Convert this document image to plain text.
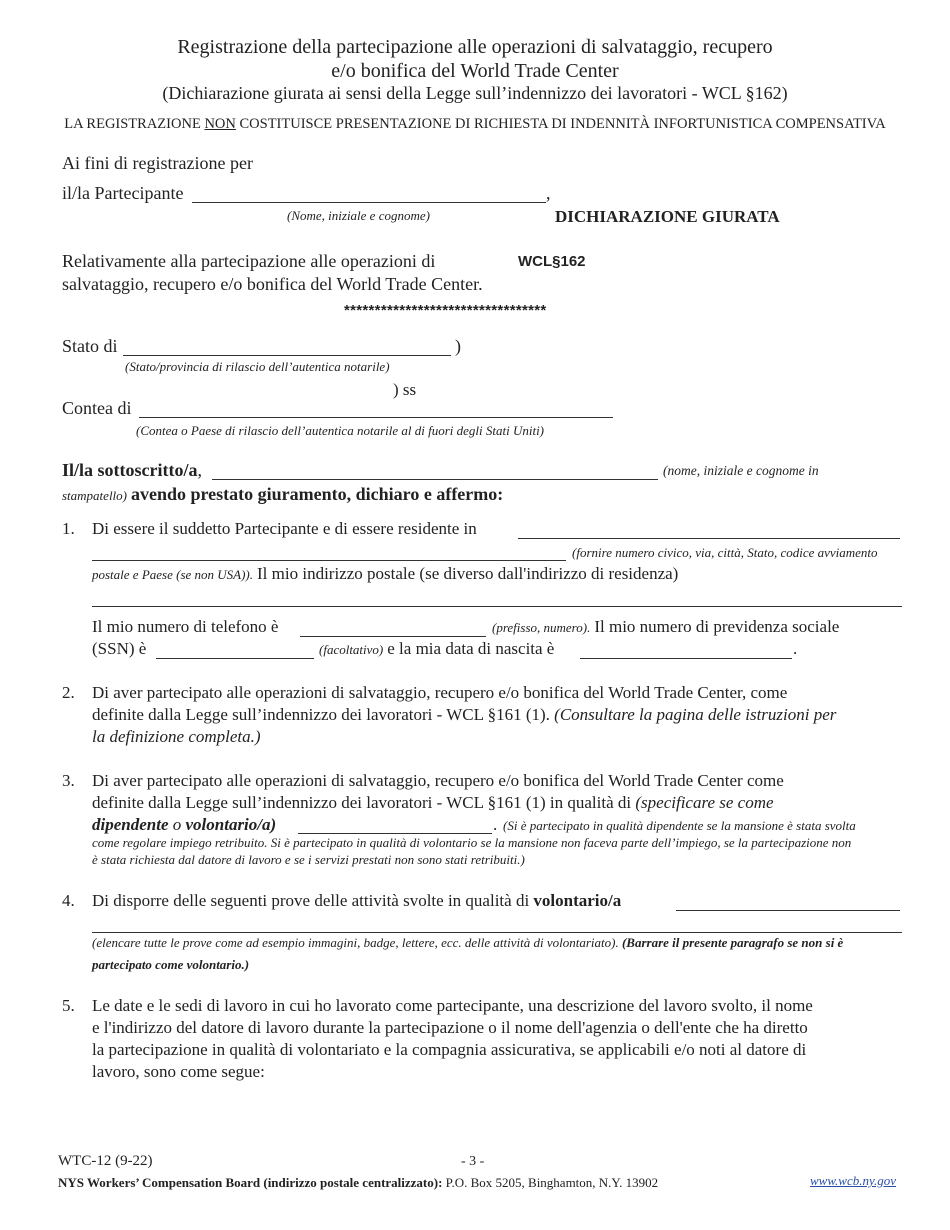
Registrazione della partecipazione alle operazioni di salvataggio, recupero
e/o bonifica del World Trade Center
(Dichiarazione giurata ai sensi della Legge sull’indennizzo dei lavoratori - WCL §162)
LA REGISTRAZIONE NON COSTITUISCE PRESENTAZIONE DI RICHIESTA DI INDENNITÀ INFORTUNISTICA COMPENSATIVA
Ai fini di registrazione per
il/la Partecipante	,
(Nome, iniziale e cognome)	DICHIARAZIONE GIURATA
Relativamente alla partecipazione alle operazioni di	WCL§162
salvataggio, recupero e/o bonifica del World Trade Center.
*********************************
Stato di	)
(Stato/provincia di rilascio dell’autentica notarile)
) ss
Contea di
(Contea o Paese di rilascio dell’autentica notarile al di fuori degli Stati Uniti)
Il/la sottoscritto/a,	(nome, iniziale e cognome in
stampatello) avendo prestato giuramento, dichiaro e affermo:
1. Di essere il suddetto Partecipante e di essere residente in
(fornire numero civico, via, città, Stato, codice avviamento
postale e Paese (se non USA)). Il mio indirizzo postale (se diverso dall'indirizzo di residenza)
Il mio numero di telefono è	(prefisso, numero). Il mio numero di previdenza sociale
(SSN) è	(facoltativo) e la mia data di nascita è	.
2. Di aver partecipato alle operazioni di salvataggio, recupero e/o bonifica del World Trade Center, come
definite dalla Legge sull’indennizzo dei lavoratori - WCL §161 (1). (Consultare la pagina delle istruzioni per
la definizione completa.)
3. Di aver partecipato alle operazioni di salvataggio, recupero e/o bonifica del World Trade Center come
definite dalla Legge sull’indennizzo dei lavoratori - WCL §161 (1) in qualità di (specificare se come
dipendente o volontario/a)	. (Si è partecipato in qualità dipendente se la mansione è stata svolta
come regolare impiego retribuito. Si è partecipato in qualità di volontario se la mansione non faceva parte dell’impiego, se la partecipazione non
è stata richiesta dal datore di lavoro e se i servizi prestati non sono stati retribuiti.)
4. Di disporre delle seguenti prove delle attività svolte in qualità di volontario/a
(elencare tutte le prove come ad esempio immagini, badge, lettere, ecc. delle attività di volontariato). (Barrare il presente paragrafo se non si è
partecipato come volontario.)
5. Le date e le sedi di lavoro in cui ho lavorato come partecipante, una descrizione del lavoro svolto, il nome
e l'indirizzo del datore di lavoro durante la partecipazione o il nome dell'agenzia o dell'ente che ha diretto
la partecipazione in qualità di volontariato e la compagnia assicurativa, se applicabili e/o noti al datore di
lavoro, sono come segue:
WTC-12 (9-22)	- 3 -
NYS Workers’ Compensation Board (indirizzo postale centralizzato): P.O. Box 5205, Binghamton, N.Y. 13902	www.wcb.ny.gov
